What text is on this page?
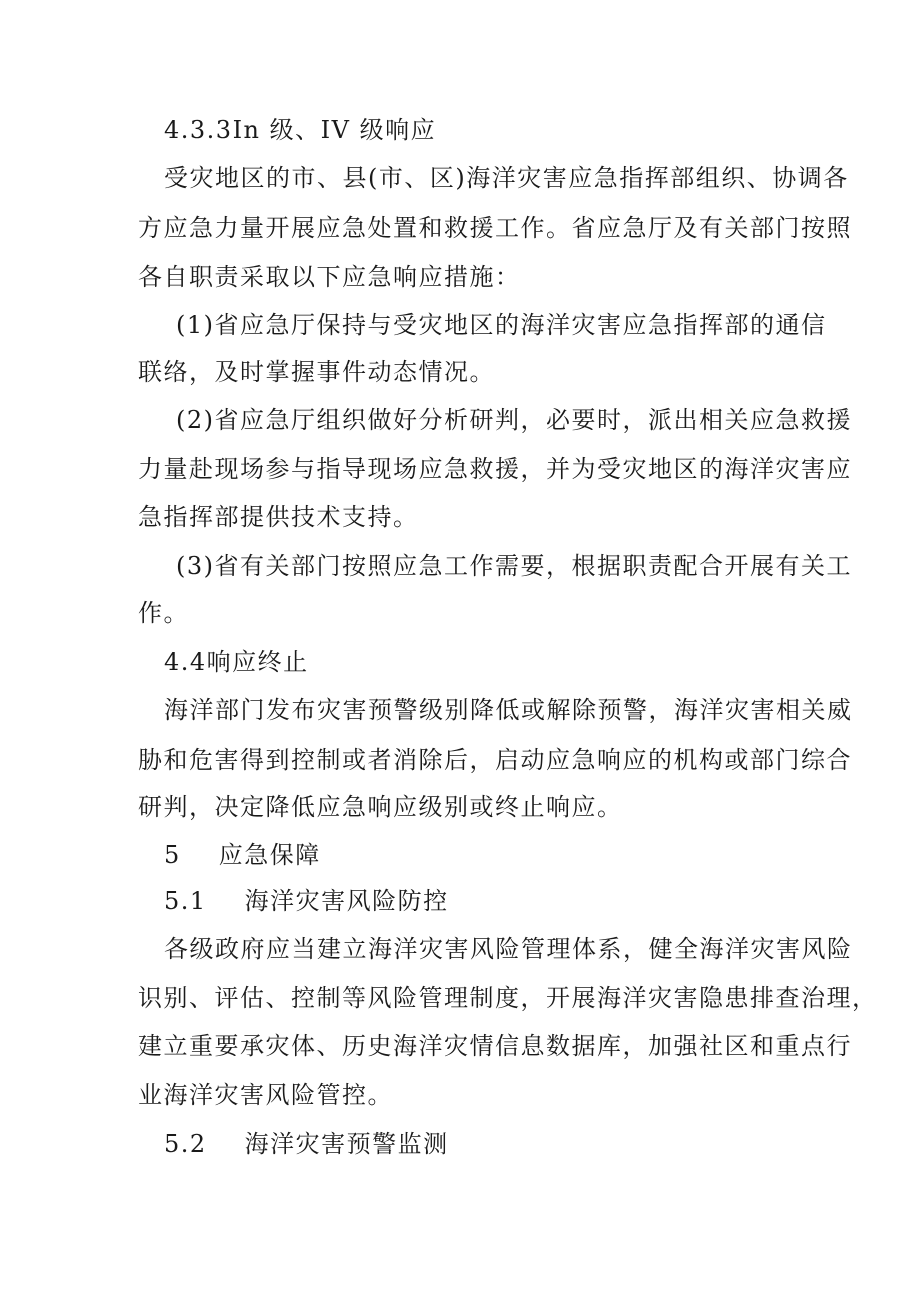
4.3.3In 级、IV 级响应
受灾地区的市、县(市、区)海洋灾害应急指挥部组织、协调各
方应急力量开展应急处置和救援工作。省应急厅及有关部门按照
各自职责采取以下应急响应措施：
(1)省应急厅保持与受灾地区的海洋灾害应急指挥部的通信
联络，及时掌握事件动态情况。
(2)省应急厅组织做好分析研判，必要时，派出相关应急救援
力量赴现场参与指导现场应急救援，并为受灾地区的海洋灾害应
急指挥部提供技术支持。
(3)省有关部门按照应急工作需要，根据职责配合开展有关工
作。
4.4响应终止
海洋部门发布灾害预警级别降低或解除预警，海洋灾害相关威
胁和危害得到控制或者消除后，启动应急响应的机构或部门综合
研判，决定降低应急响应级别或终止响应。
5 应急保障
5.1 海洋灾害风险防控
各级政府应当建立海洋灾害风险管理体系，健全海洋灾害风险
识别、评估、控制等风险管理制度，开展海洋灾害隐患排查治理，
建立重要承灾体、历史海洋灾情信息数据库，加强社区和重点行
业海洋灾害风险管控。
5.2 海洋灾害预警监测
